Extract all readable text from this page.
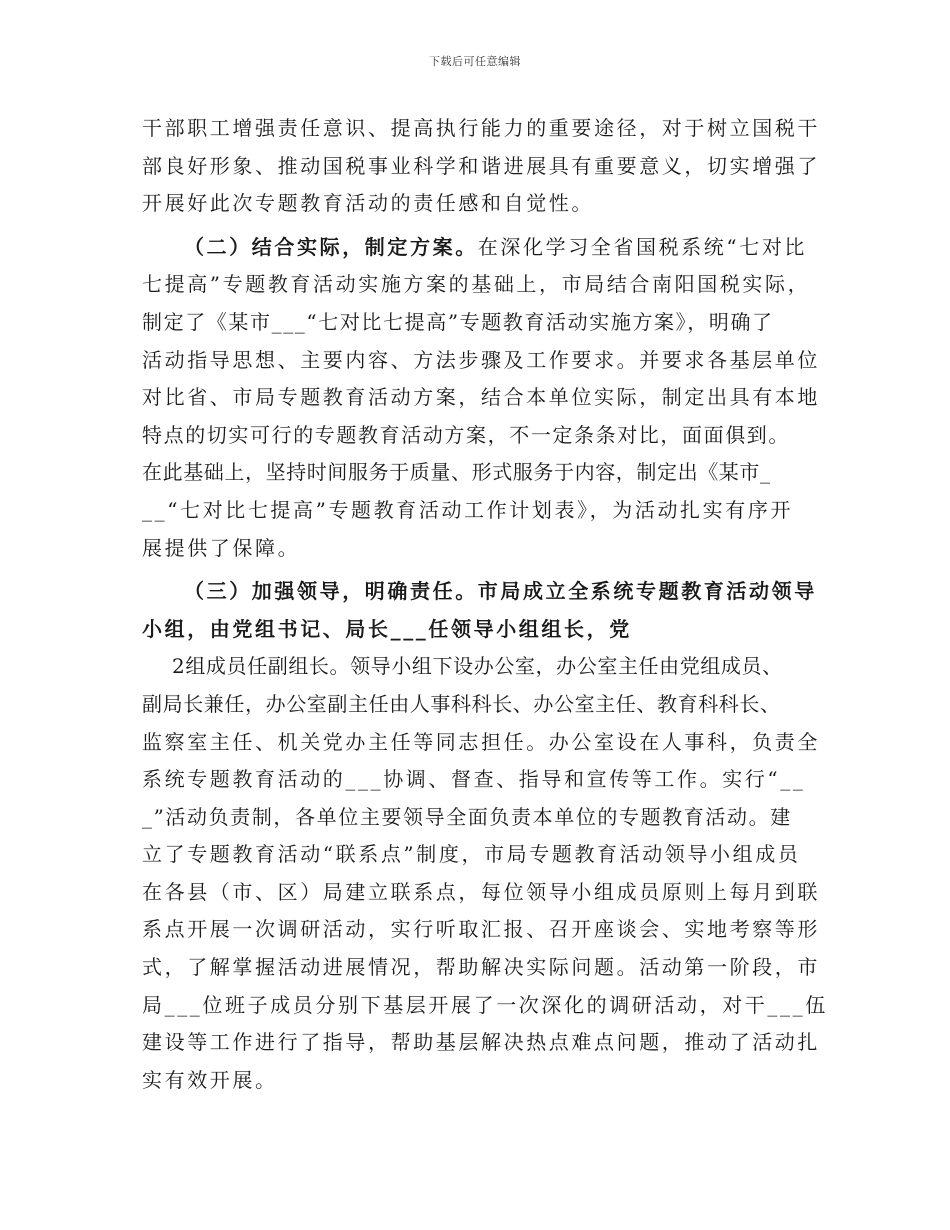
下载后可任意编辑
干部职工增强责任意识、提高执行能力的重要途径，对于树立国税干
部良好形象、推动国税事业科学和谐进展具有重要意义，切实增强了
开展好此次专题教育活动的责任感和自觉性。
（二）结合实际，制定方案。在深化学习全省国税系统“七对比
七提高”专题教育活动实施方案的基础上，市局结合南阳国税实际，
制定了《某市___“七对比七提高”专题教育活动实施方案》，明确了
活动指导思想、主要内容、方法步骤及工作要求。并要求各基层单位
对比省、市局专题教育活动方案，结合本单位实际，制定出具有本地
特点的切实可行的专题教育活动方案，不一定条条对比，面面俱到。
在此基础上，坚持时间服务于质量、形式服务于内容，制定出《某市_
__“七对比七提高”专题教育活动工作计划表》，为活动扎实有序开
展提供了保障。
（三）加强领导，明确责任。市局成立全系统专题教育活动领导
小组，由党组书记、局长___任领导小组组长，党
2组成员任副组长。领导小组下设办公室，办公室主任由党组成员、
副局长兼任，办公室副主任由人事科科长、办公室主任、教育科科长、
监察室主任、机关党办主任等同志担任。办公室设在人事科，负责全
系统专题教育活动的___协调、督查、指导和宣传等工作。实行“__
_”活动负责制，各单位主要领导全面负责本单位的专题教育活动。建
立了专题教育活动“联系点”制度，市局专题教育活动领导小组成员
在各县（市、区）局建立联系点，每位领导小组成员原则上每月到联
系点开展一次调研活动，实行听取汇报、召开座谈会、实地考察等形
式，了解掌握活动进展情况，帮助解决实际问题。活动第一阶段，市
局___位班子成员分别下基层开展了一次深化的调研活动，对干___伍
建设等工作进行了指导，帮助基层解决热点难点问题，推动了活动扎
实有效开展。
